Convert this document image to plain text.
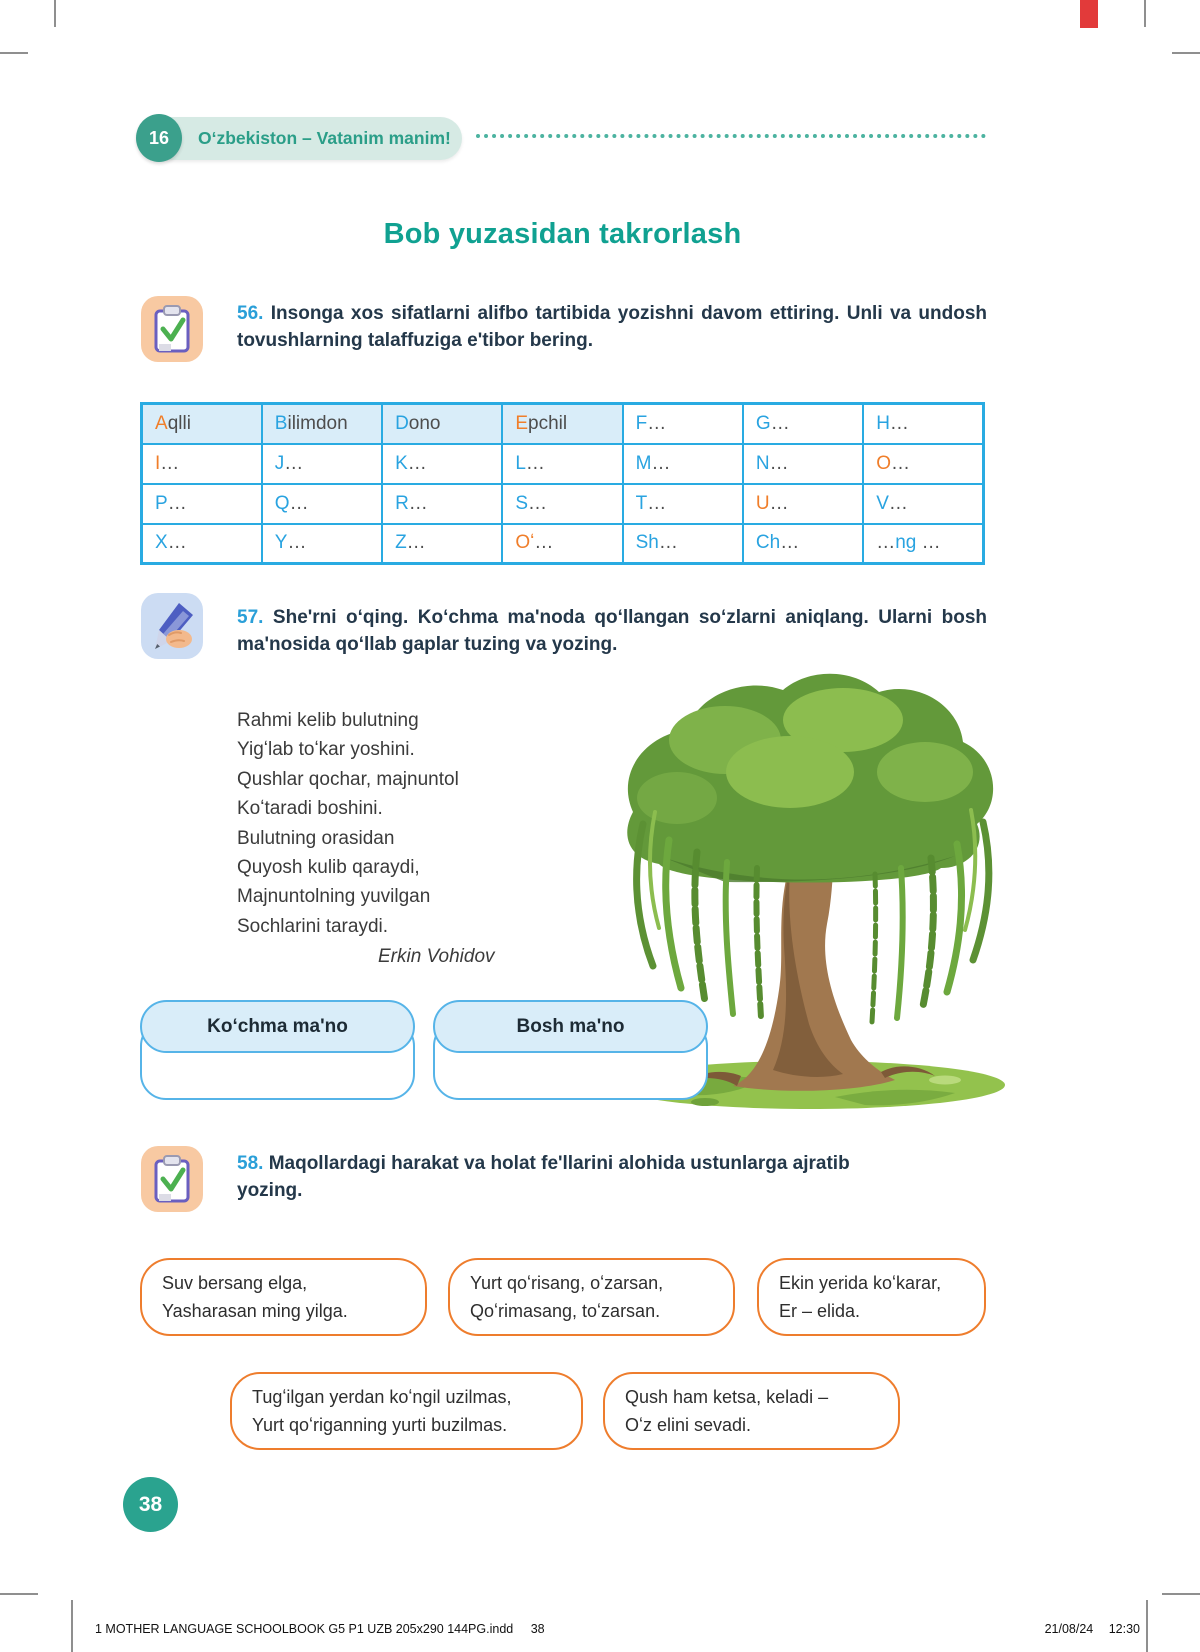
Oʻzbekiston – Vatanim manim!
16
Bob yuzasidan takrorlash
56. Insonga xos sifatlarni alifbo tartibida yozishni davom ettiring. Unli va undosh tovushlarning talaffuziga e'tibor bering.
Aqlli	Bilimdon	Dono	Epchil	F…	G…	H…
I…	J…	K…	L…	M…	N…	O…
P…	Q…	R…	S…	T…	U…	V…
X…	Y…	Z…	Oʻ…	Sh…	Ch…	…ng …
57. She'rni oʻqing. Koʻchma ma'noda qoʻllangan soʻzlarni aniqlang. Ularni bosh ma'nosida qoʻllab gaplar tuzing va yozing.
Rahmi kelib bulutning
Yigʻlab toʻkar yoshini.
Qushlar qochar, majnuntol
Koʻtaradi boshini.
Bulutning orasidan
Quyosh kulib qaraydi,
Majnuntolning yuvilgan
Sochlarini taraydi.
Erkin Vohidov
Koʻchma ma'no	Bosh ma'no
58. Maqollardagi harakat va holat fe'llarini alohida ustunlarga ajratib yozing.
Suv bersang elga,
Yasharasan ming yilga.
Yurt qoʻrisang, oʻzarsan,
Qoʻrimasang, toʻzarsan.
Ekin yerida koʻkarar,
Er – elida.
Tugʻilgan yerdan koʻngil uzilmas,
Yurt qoʻriganning yurti buzilmas.
Qush ham ketsa, keladi –
Oʻz elini sevadi.
38
1 MOTHER LANGUAGE SCHOOLBOOK G5 P1 UZB 205x290 144PG.indd 38	21/08/24 12:30
